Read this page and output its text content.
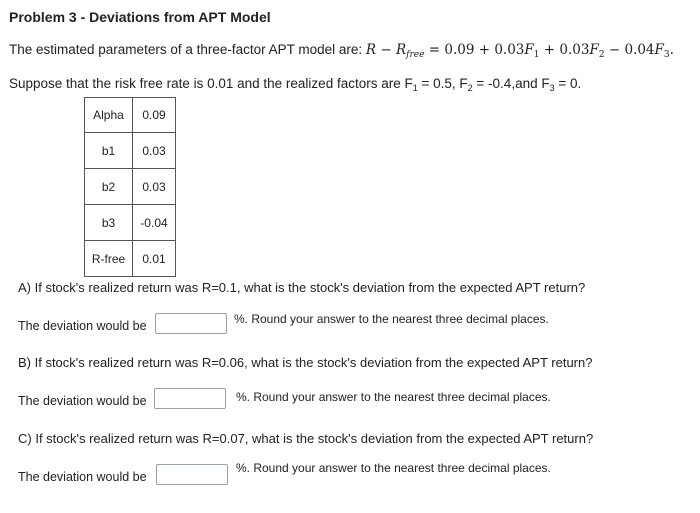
Problem 3 - Deviations from APT Model
The estimated parameters of a three-factor APT model are: $R - R_{free} = 0.09 + 0.03F_1 + 0.03F_2 - 0.04F_3$.
Suppose that the risk free rate is 0.01 and the realized factors are $F_1 = 0.5$, $F_2 = -0.4,and$ $F_3 = 0$.
Alpha	0.09
b1	0.03
b2	0.03
b3	-0.04
R-free	0.01
A) If stock's realized return was R=0.1, what is the stock's deviation from the expected APT return?
The deviation would be	%. Round your answer to the nearest three decimal places.
B) If stock's realized return was R=0.06, what is the stock's deviation from the expected APT return?
The deviation would be	%. Round your answer to the nearest three decimal places.
C) If stock's realized return was R=0.07, what is the stock's deviation from the expected APT return?
The deviation would be
%. Round your answer to the nearest three decimal places.
